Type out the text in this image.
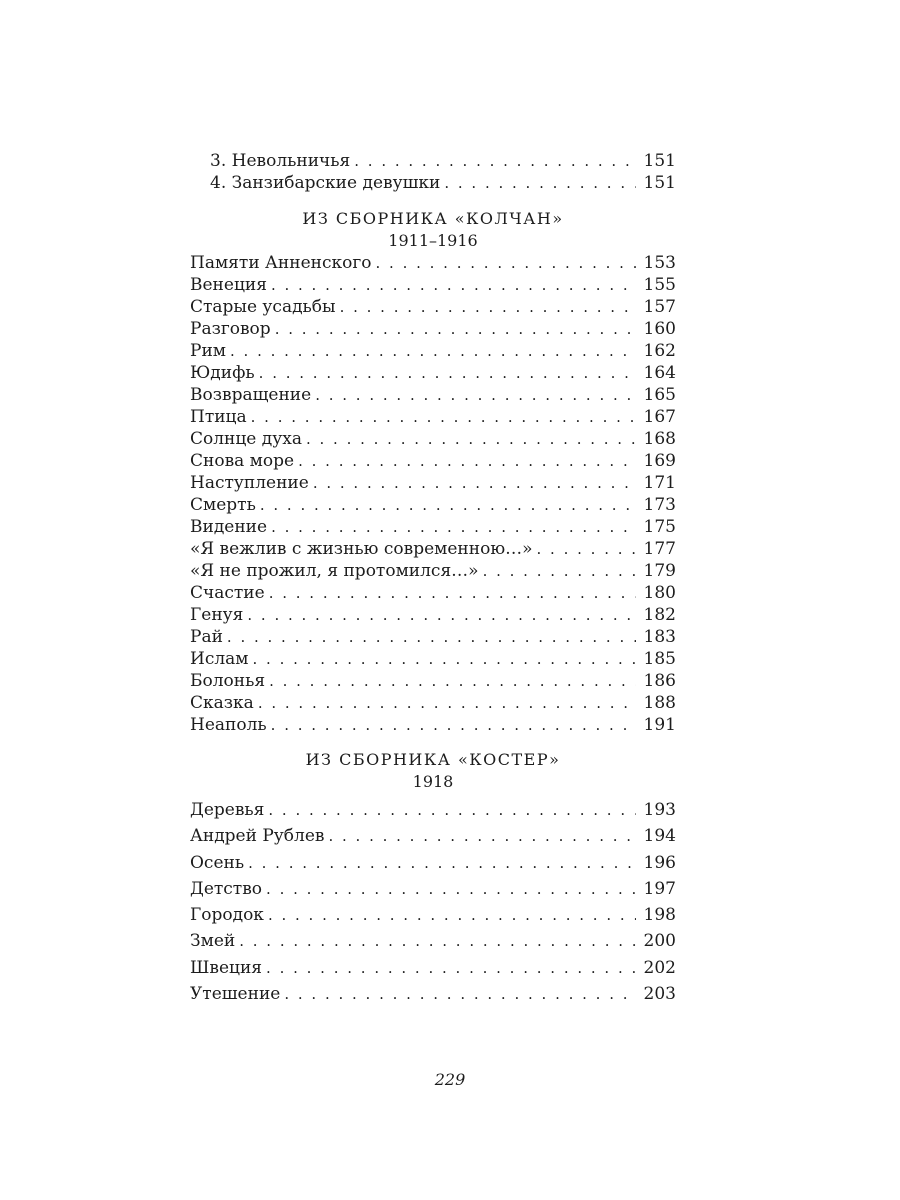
3. Невольничья . . .	151
4. Занзибарские девушки . . .	151
ИЗ СБОРНИКА «КОЛЧАН»
1911–1916
Памяти Анненского . . .	153
Венеция . . .	155
Старые усадьбы . . .	157
Разговор . . .	160
Рим . . .	162
Юдифь . . .	164
Возвращение . . .	165
Птица . . .	167
Солнце духа . . .	168
Снова море . . .	169
Наступление . . .	171
Смерть . . .	173
Видение . . .	175
«Я вежлив с жизнью современною…» . . .	177
«Я не прожил, я протомился…» . . .	179
Счастие . . .	180
Генуя . . .	182
Рай . . .	183
Ислам . . .	185
Болонья . . .	186
Сказка . . .	188
Неаполь . . .	191
ИЗ СБОРНИКА «КОСТЕР»
1918
Деревья . . .	193
Андрей Рублев . . .	194
Осень . . .	196
Детство . . .	197
Городок . . .	198
Змей . . .	200
Швеция . . .	202
Утешение . . .	203
229
